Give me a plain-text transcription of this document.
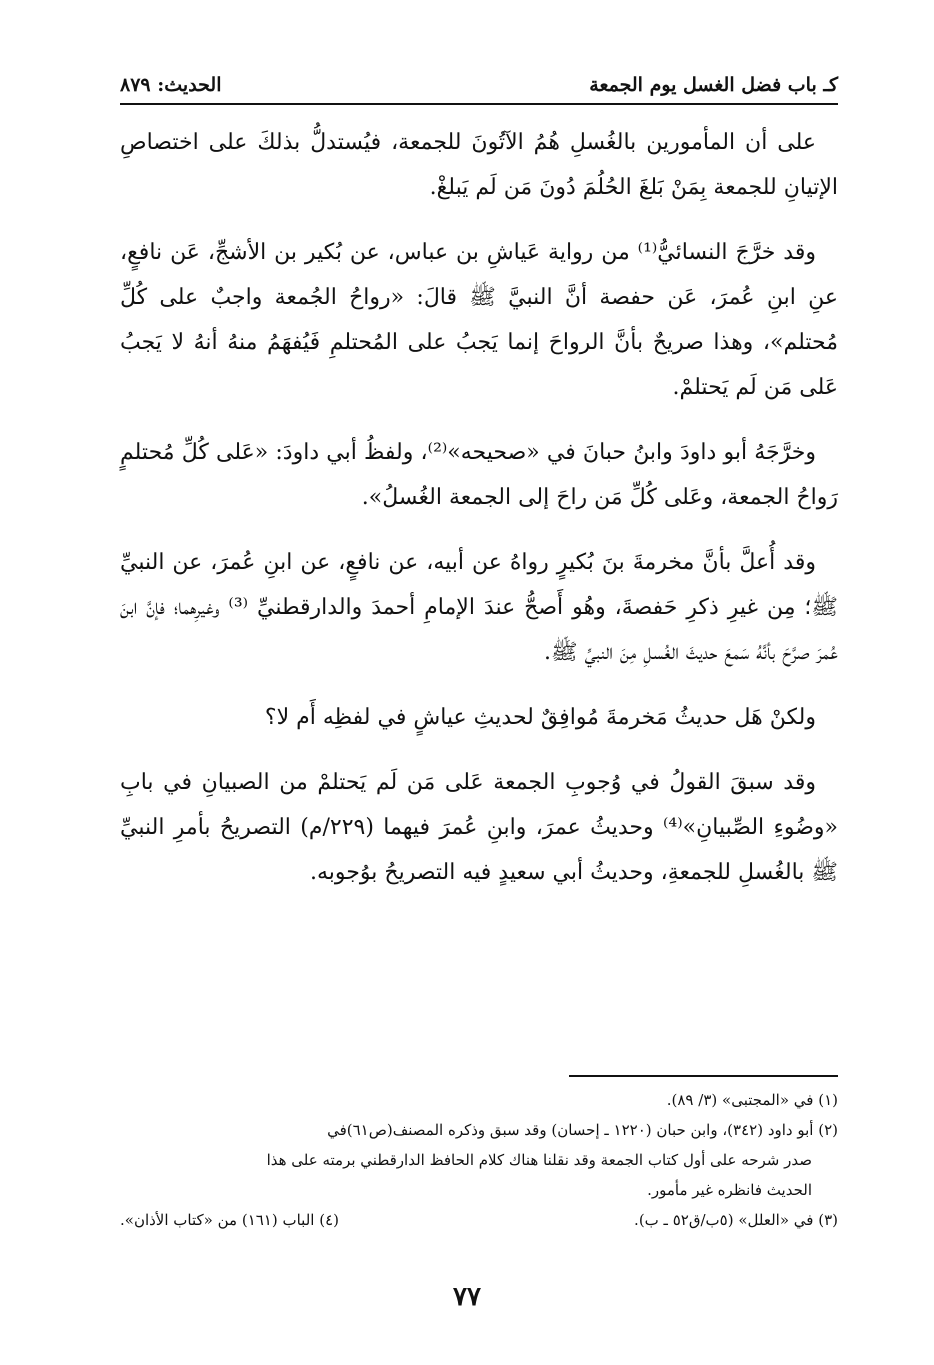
كـ باب فضل الغسل يوم الجمعة
الحديث: ٨٧٩

على أن المأمورين بالغُسلِ هُمُ الآتُونَ للجمعة، فيُستدلُّ بذلكَ على اختصاصِ الإتيانِ للجمعة بِمَنْ بَلغَ الحُلُمَ دُونَ مَن لَم يَبلغْ.

وقد خرَّجَ النسائيُّ⁽¹⁾ من رواية عَياشِ بن عباس، عن بُكير بن الأشجِّ، عَن نافعٍ، عنِ ابنِ عُمرَ، عَن حفصة أنَّ النبيَّ ﷺ قالَ: «رواحُ الجُمعة واجبٌ على كُلِّ مُحتلم»، وهذا صريحٌ بأنَّ الرواحَ إنما يَجبُ على المُحتلمِ فَيُفهَمُ منهُ أنهُ لا يَجبُ عَلى مَن لَم يَحتلمْ.

وخرَّجَهُ أبو داودَ وابنُ حبانَ في «صحيحه»⁽²⁾، ولفظُ أبي داودَ: «عَلى كُلِّ مُحتلمٍ رَواحُ الجمعة، وعَلى كُلِّ مَن راحَ إلى الجمعة الغُسلُ».

وقد أُعلَّ بأنَّ مخرمةَ بنَ بُكيرٍ رواهُ عن أبيه، عن نافعٍ، عن ابنِ عُمرَ، عن النبيِّ ﷺ؛ مِن غيرِ ذكرِ حَفصةَ، وهُو أَصحُّ عندَ الإمامِ أحمدَ والدارقطنيِّ ⁽³⁾ وغيرِهما؛ فإنَّ ابنَ عُمرَ صرَّحَ بأنَّهُ سَمعَ حديثَ الغُسلِ مِنَ النبيِّ ﷺ.

ولكنْ هَل حديثُ مَخرمةَ مُوافِقٌ لحديثِ عياشٍ في لفظِه أَم لا؟

وقد سبقَ القولُ في وُجوبِ الجمعة عَلى مَن لَم يَحتلمْ من الصبيانِ في بابِ «وضُوءِ الصِّبيانِ»⁽⁴⁾ وحديثُ عمرَ، وابنِ عُمرَ فيهما (٢٢٩/م) التصريحُ بأمرِ النبيِّ ﷺ بالغُسلِ للجمعةِ، وحديثُ أبي سعيدٍ فيه التصريحُ بوُجوبه.

(١) في «المجتبى» (٣/ ٨٩).

(٢) أبو داود (٣٤٢)، وابن حبان (١٢٢٠ ـ إحسان) وقد سبق وذكره المصنف(ص٦١)في

صدر شرحه على أول كتاب الجمعة وقد نقلنا هناك كلام الحافظ الدارقطني برمته على هذا

الحديث فانظره غير مأمور.

(٣) في «العلل» (٥ب/ق٥٢ ـ ب).
(٤) الباب (١٦١) من «كتاب الأذان».
٧٧
